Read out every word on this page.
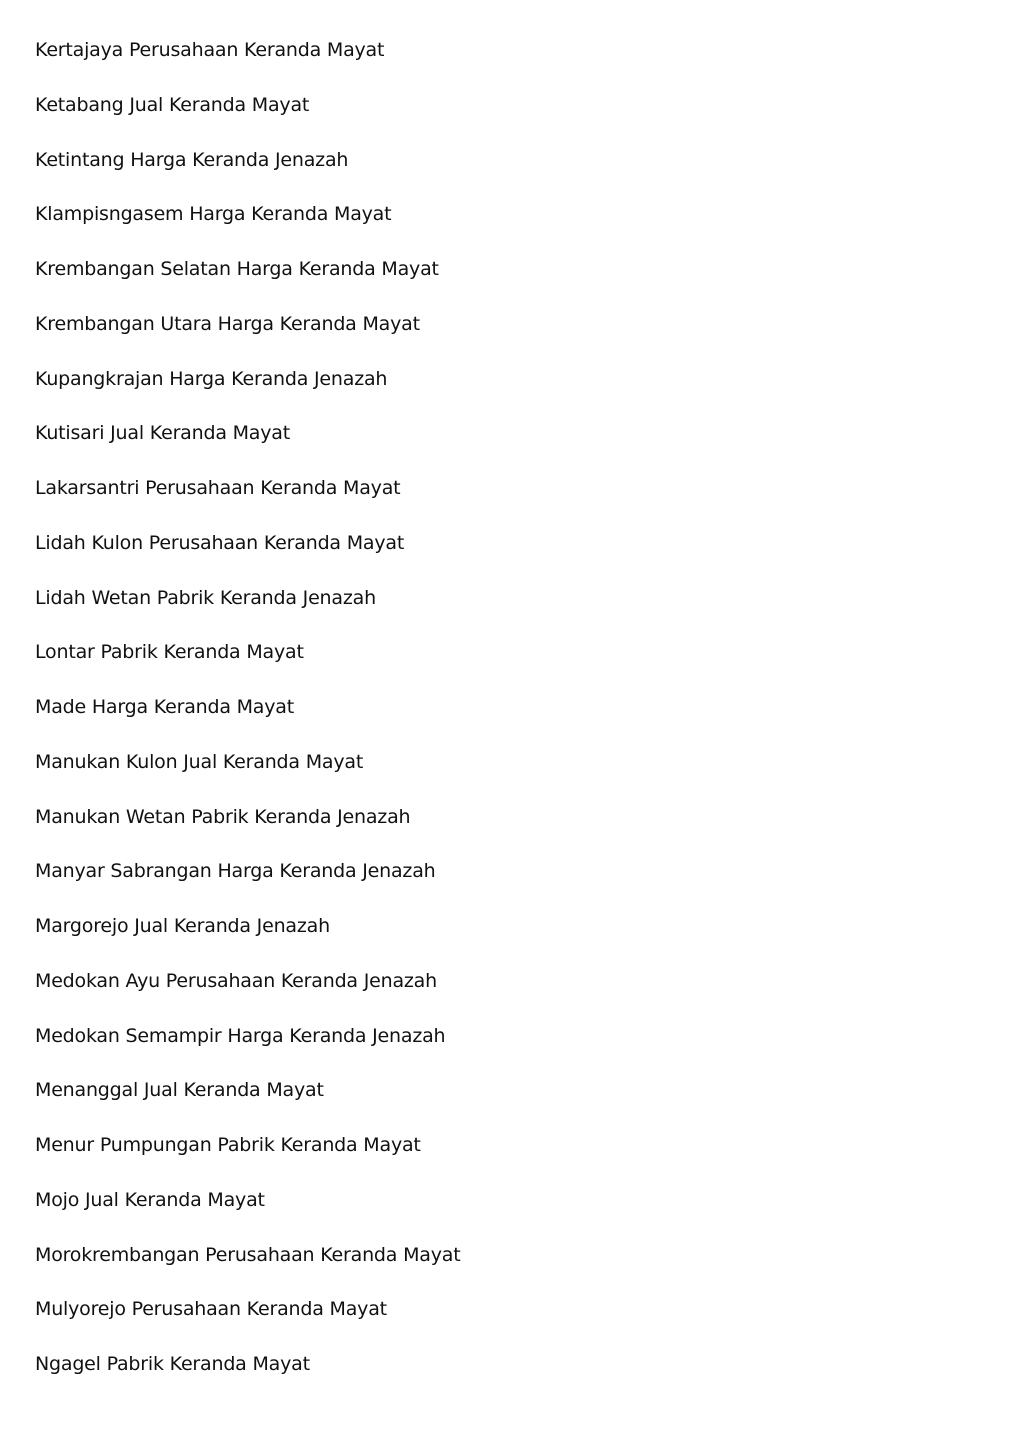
Kertajaya Perusahaan Keranda Mayat
Ketabang Jual Keranda Mayat
Ketintang Harga Keranda Jenazah
Klampisngasem Harga Keranda Mayat
Krembangan Selatan Harga Keranda Mayat
Krembangan Utara Harga Keranda Mayat
Kupangkrajan Harga Keranda Jenazah
Kutisari Jual Keranda Mayat
Lakarsantri Perusahaan Keranda Mayat
Lidah Kulon Perusahaan Keranda Mayat
Lidah Wetan Pabrik Keranda Jenazah
Lontar Pabrik Keranda Mayat
Made Harga Keranda Mayat
Manukan Kulon Jual Keranda Mayat
Manukan Wetan Pabrik Keranda Jenazah
Manyar Sabrangan Harga Keranda Jenazah
Margorejo Jual Keranda Jenazah
Medokan Ayu Perusahaan Keranda Jenazah
Medokan Semampir Harga Keranda Jenazah
Menanggal Jual Keranda Mayat
Menur Pumpungan Pabrik Keranda Mayat
Mojo Jual Keranda Mayat
Morokrembangan Perusahaan Keranda Mayat
Mulyorejo Perusahaan Keranda Mayat
Ngagel Pabrik Keranda Mayat
